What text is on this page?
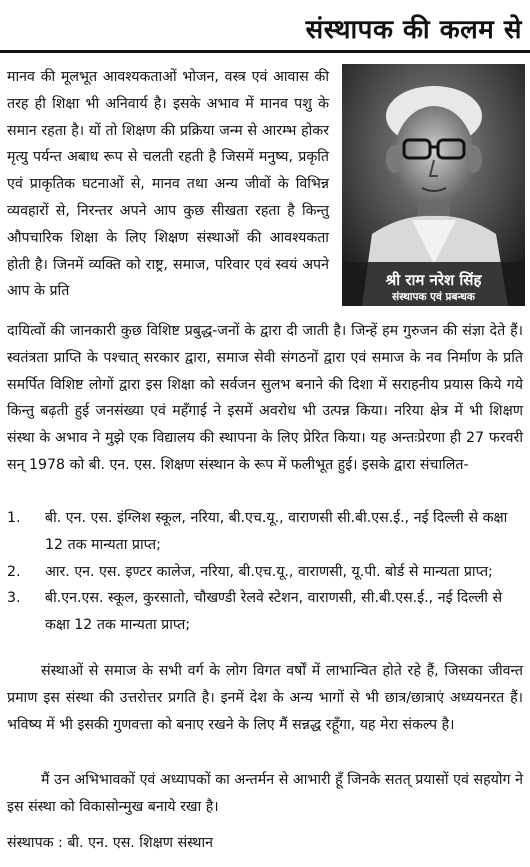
संस्थापक की कलम से
श्री राम नरेश सिंह
संस्थापक एवं प्रबन्धक
मानव की मूलभूत आवश्यकताओं भोजन, वस्त्र एवं आवास की तरह ही शिक्षा भी अनिवार्य है। इसके अभाव में मानव पशु के समान रहता है। यों तो शिक्षण की प्रक्रिया जन्म से आरम्भ होकर मृत्यु पर्यन्त अबाध रूप से चलती रहती है जिसमें मनुष्य, प्रकृति एवं प्राकृतिक घटनाओं से, मानव तथा अन्य जीवों के विभिन्न व्यवहारों से, निरन्तर अपने आप कुछ सीखता रहता है किन्तु औपचारिक शिक्षा के लिए शिक्षण संस्थाओं की आवश्यकता होती है। जिनमें व्यक्ति को राष्ट्र, समाज, परिवार एवं स्वयं अपने आप के प्रति
दायित्वों की जानकारी कुछ विशिष्ट प्रबुद्ध-जनों के द्वारा दी जाती है। जिन्हें हम गुरुजन की संज्ञा देते हैं। स्वतंत्रता प्राप्ति के पश्चात् सरकार द्वारा, समाज सेवी संगठनों द्वारा एवं समाज के नव निर्माण के प्रति समर्पित विशिष्ट लोगों द्वारा इस शिक्षा को सर्वजन सुलभ बनाने की दिशा में सराहनीय प्रयास किये गये किन्तु बढ़ती हुई जनसंख्या एवं महँगाई ने इसमें अवरोध भी उत्पन्न किया। नरिया क्षेत्र में भी शिक्षण संस्था के अभाव ने मुझे एक विद्यालय की स्थापना के लिए प्रेरित किया। यह अन्तःप्रेरणा ही 27 फरवरी सन् 1978 को बी. एन. एस. शिक्षण संस्थान के रूप में फलीभूत हुई। इसके द्वारा संचालित-
1. बी. एन. एस. इंग्लिश स्कूल, नरिया, बी.एच.यू., वाराणसी सी.बी.एस.ई., नई दिल्ली से कक्षा 12 तक मान्यता प्राप्त;
2. आर. एन. एस. इण्टर कालेज, नरिया, बी.एच.यू., वाराणसी, यू.पी. बोर्ड से मान्यता प्राप्त;
3. बी.एन.एस. स्कूल, कुरसातो, चौखण्डी रेलवे स्टेशन, वाराणसी, सी.बी.एस.ई., नई दिल्ली से कक्षा 12 तक मान्यता प्राप्त;
संस्थाओं से समाज के सभी वर्ग के लोग विगत वर्षों में लाभान्वित होते रहे हैं, जिसका जीवन्त प्रमाण इस संस्था की उत्तरोत्तर प्रगति है। इनमें देश के अन्य भागों से भी छात्र/छात्राएं अध्ययनरत हैं। भविष्य में भी इसकी गुणवत्ता को बनाए रखने के लिए मैं सन्नद्ध रहूँगा, यह मेरा संकल्प है।
मैं उन अभिभावकों एवं अध्यापकों का अन्तर्मन से आभारी हूँ जिनके सतत् प्रयासों एवं सहयोग ने इस संस्था को विकासोन्मुख बनाये रखा है।
संस्थापक : बी. एन. एस. शिक्षण संस्थान
